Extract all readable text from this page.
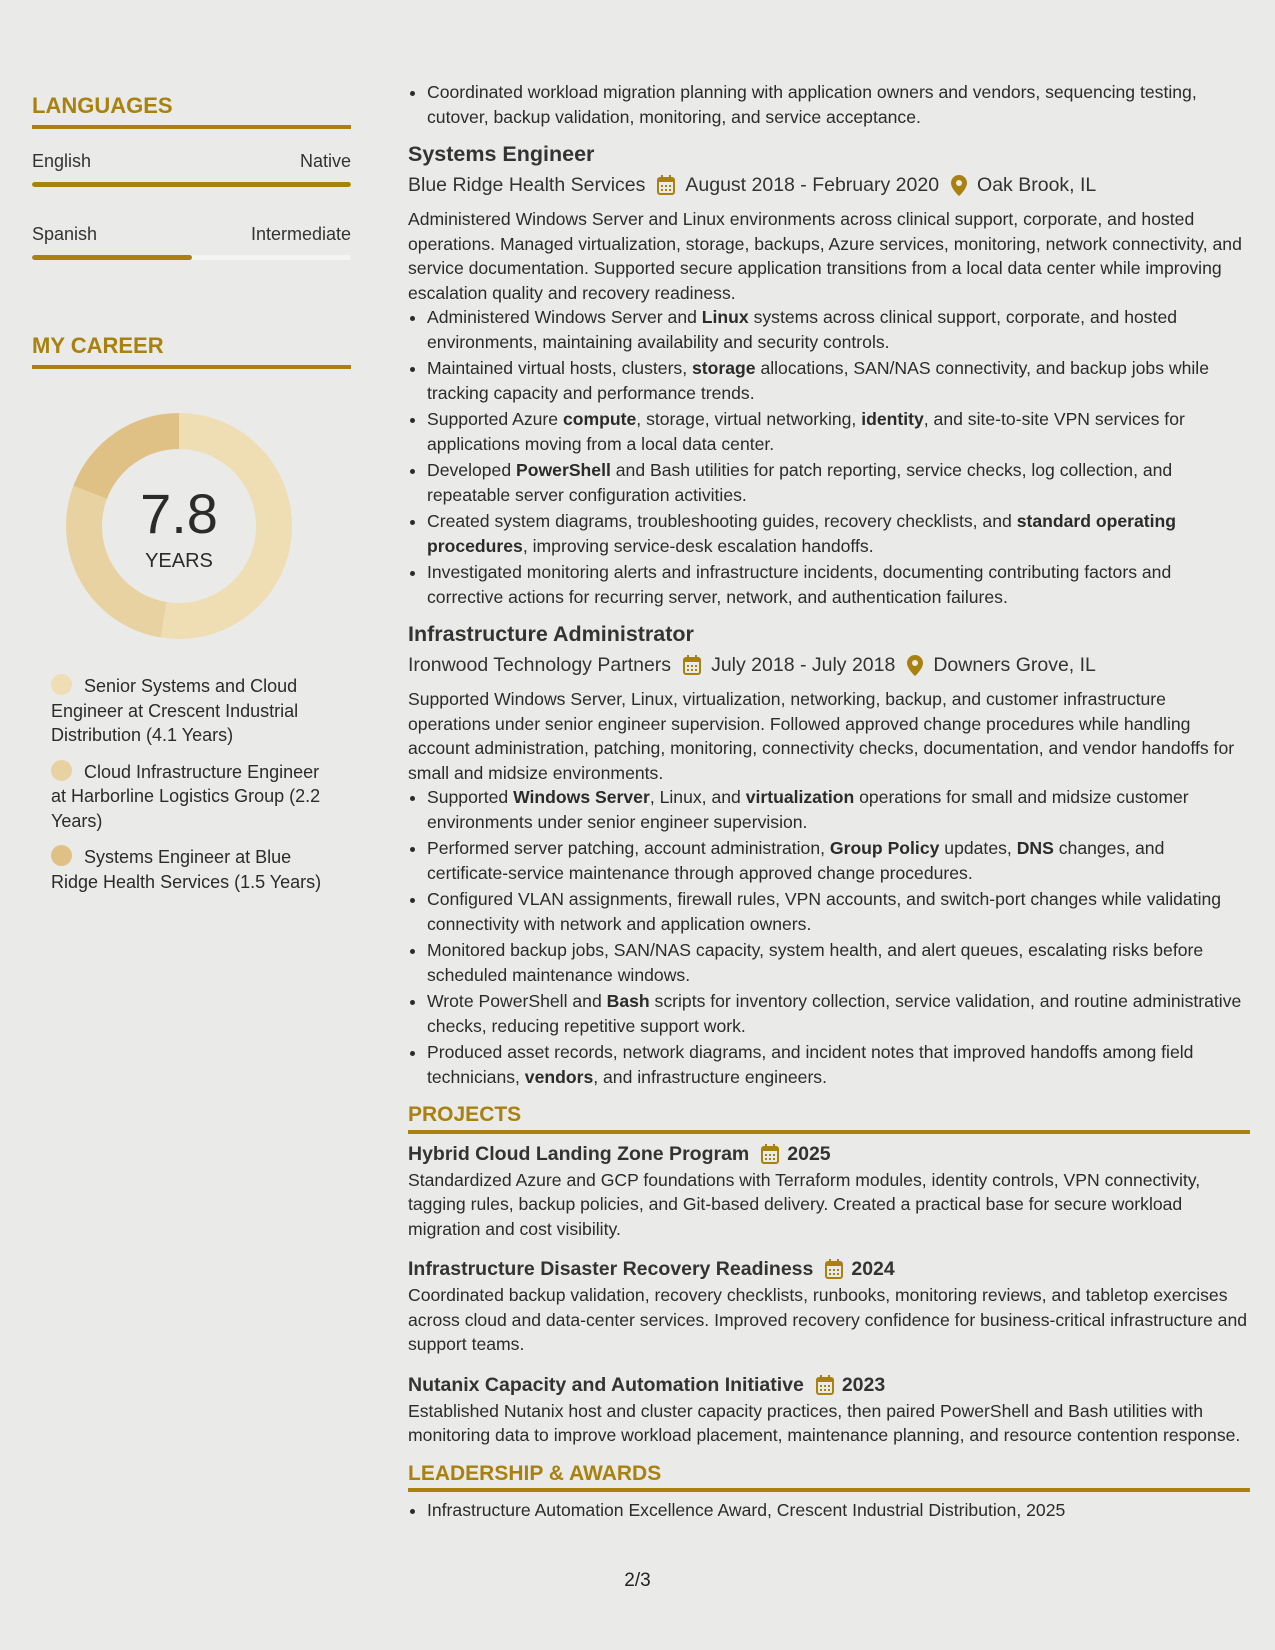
LANGUAGES
English	Native
Spanish	Intermediate
MY CAREER
7.8
YEARS
Senior Systems and Cloud Engineer at Crescent Industrial Distribution (4.1 Years)
Cloud Infrastructure Engineer at Harborline Logistics Group (2.2 Years)
Systems Engineer at Blue Ridge Health Services (1.5 Years)
• Coordinated workload migration planning with application owners and vendors, sequencing testing, cutover, backup validation, monitoring, and service acceptance.
Systems Engineer
Blue Ridge Health Services August 2018 - February 2020 Oak Brook, IL

Administered Windows Server and Linux environments across clinical support, corporate, and hosted operations. Managed virtualization, storage, backups, Azure services, monitoring, network connectivity, and service documentation. Supported secure application transitions from a local data center while improving escalation quality and recovery readiness.

• Administered Windows Server and Linux systems across clinical support, corporate, and hosted environments, maintaining availability and security controls.
• Maintained virtual hosts, clusters, storage allocations, SAN/NAS connectivity, and backup jobs while tracking capacity and performance trends.
• Supported Azure compute, storage, virtual networking, identity, and site-to-site VPN services for applications moving from a local data center.
• Developed PowerShell and Bash utilities for patch reporting, service checks, log collection, and repeatable server configuration activities.
• Created system diagrams, troubleshooting guides, recovery checklists, and standard operating procedures, improving service-desk escalation handoffs.
• Investigated monitoring alerts and infrastructure incidents, documenting contributing factors and corrective actions for recurring server, network, and authentication failures.
Infrastructure Administrator
Ironwood Technology Partners July 2018 - July 2018 Downers Grove, IL

Supported Windows Server, Linux, virtualization, networking, backup, and customer infrastructure operations under senior engineer supervision. Followed approved change procedures while handling account administration, patching, monitoring, connectivity checks, documentation, and vendor handoffs for small and midsize environments.

• Supported Windows Server, Linux, and virtualization operations for small and midsize customer environments under senior engineer supervision.
• Performed server patching, account administration, Group Policy updates, DNS changes, and certificate-service maintenance through approved change procedures.
• Configured VLAN assignments, firewall rules, VPN accounts, and switch-port changes while validating connectivity with network and application owners.
• Monitored backup jobs, SAN/NAS capacity, system health, and alert queues, escalating risks before scheduled maintenance windows.
• Wrote PowerShell and Bash scripts for inventory collection, service validation, and routine administrative checks, reducing repetitive support work.
• Produced asset records, network diagrams, and incident notes that improved handoffs among field technicians, vendors, and infrastructure engineers.
PROJECTS
Hybrid Cloud Landing Zone Program 2025

Standardized Azure and GCP foundations with Terraform modules, identity controls, VPN connectivity, tagging rules, backup policies, and Git-based delivery. Created a practical base for secure workload migration and cost visibility.

Infrastructure Disaster Recovery Readiness 2024

Coordinated backup validation, recovery checklists, runbooks, monitoring reviews, and tabletop exercises across cloud and data-center services. Improved recovery confidence for business-critical infrastructure and support teams.

Nutanix Capacity and Automation Initiative 2023

Established Nutanix host and cluster capacity practices, then paired PowerShell and Bash utilities with monitoring data to improve workload placement, maintenance planning, and resource contention response.

LEADERSHIP & AWARDS
• Infrastructure Automation Excellence Award, Crescent Industrial Distribution, 2025
2/3
